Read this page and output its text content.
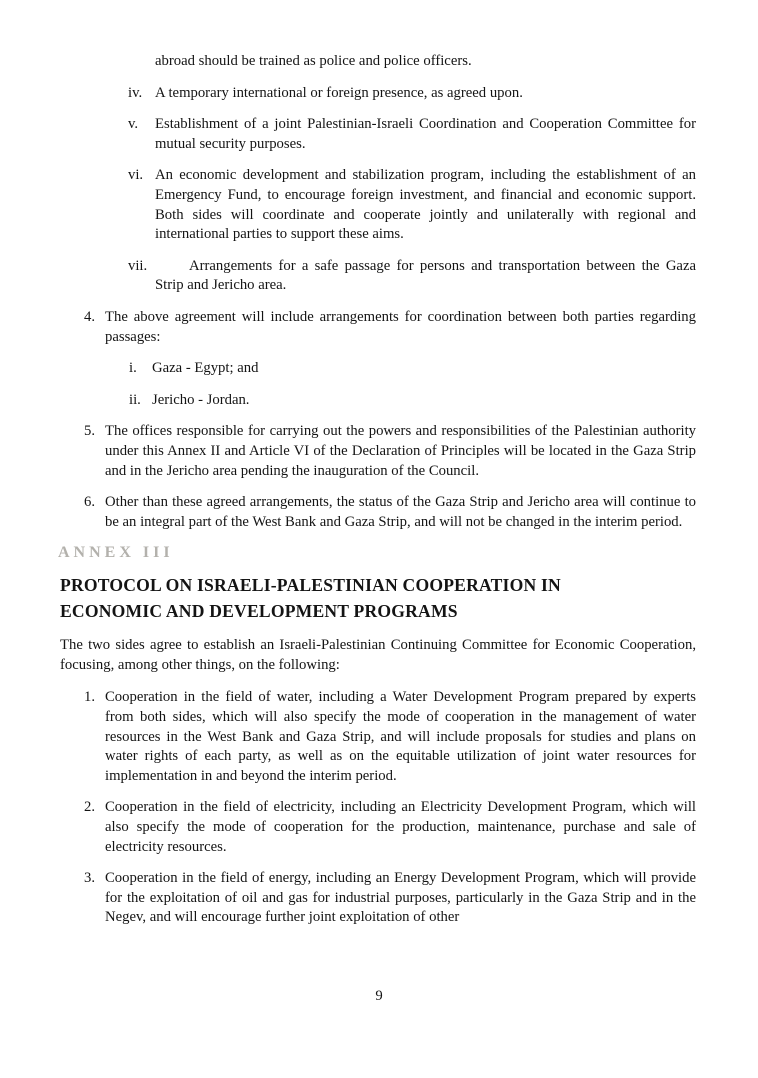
abroad should be trained as police and police officers.

iv. A temporary international or foreign presence, as agreed upon.
v. Establishment of a joint Palestinian-Israeli Coordination and Cooperation Committee for mutual security purposes.
vi. An economic development and stabilization program, including the establishment of an Emergency Fund, to encourage foreign investment, and financial and economic support. Both sides will coordinate and cooperate jointly and unilaterally with regional and international parties to support these aims.
vii.	Arrangements for a safe passage for persons and transportation between the Gaza Strip and Jericho area.
4. The above agreement will include arrangements for coordination between both parties regarding passages:
i. Gaza - Egypt; and
ii. Jericho - Jordan.
5. The offices responsible for carrying out the powers and responsibilities of the Palestinian authority under this Annex II and Article VI of the Declaration of Principles will be located in the Gaza Strip and in the Jericho area pending the inauguration of the Council.
6. Other than these agreed arrangements, the status of the Gaza Strip and Jericho area will continue to be an integral part of the West Bank and Gaza Strip, and will not be changed in the interim period.
ANNEX III
PROTOCOL ON ISRAELI-PALESTINIAN COOPERATION IN
ECONOMIC AND DEVELOPMENT PROGRAMS

The two sides agree to establish an Israeli-Palestinian Continuing Committee for Economic Cooperation, focusing, among other things, on the following:

1. Cooperation in the field of water, including a Water Development Program prepared by experts from both sides, which will also specify the mode of cooperation in the management of water resources in the West Bank and Gaza Strip, and will include proposals for studies and plans on water rights of each party, as well as on the equitable utilization of joint water resources for implementation in and beyond the interim period.
2. Cooperation in the field of electricity, including an Electricity Development Program, which will also specify the mode of cooperation for the production, maintenance, purchase and sale of electricity resources.
3. Cooperation in the field of energy, including an Energy Development Program, which will provide for the exploitation of oil and gas for industrial purposes, particularly in the Gaza Strip and in the Negev, and will encourage further joint exploitation of other
9
